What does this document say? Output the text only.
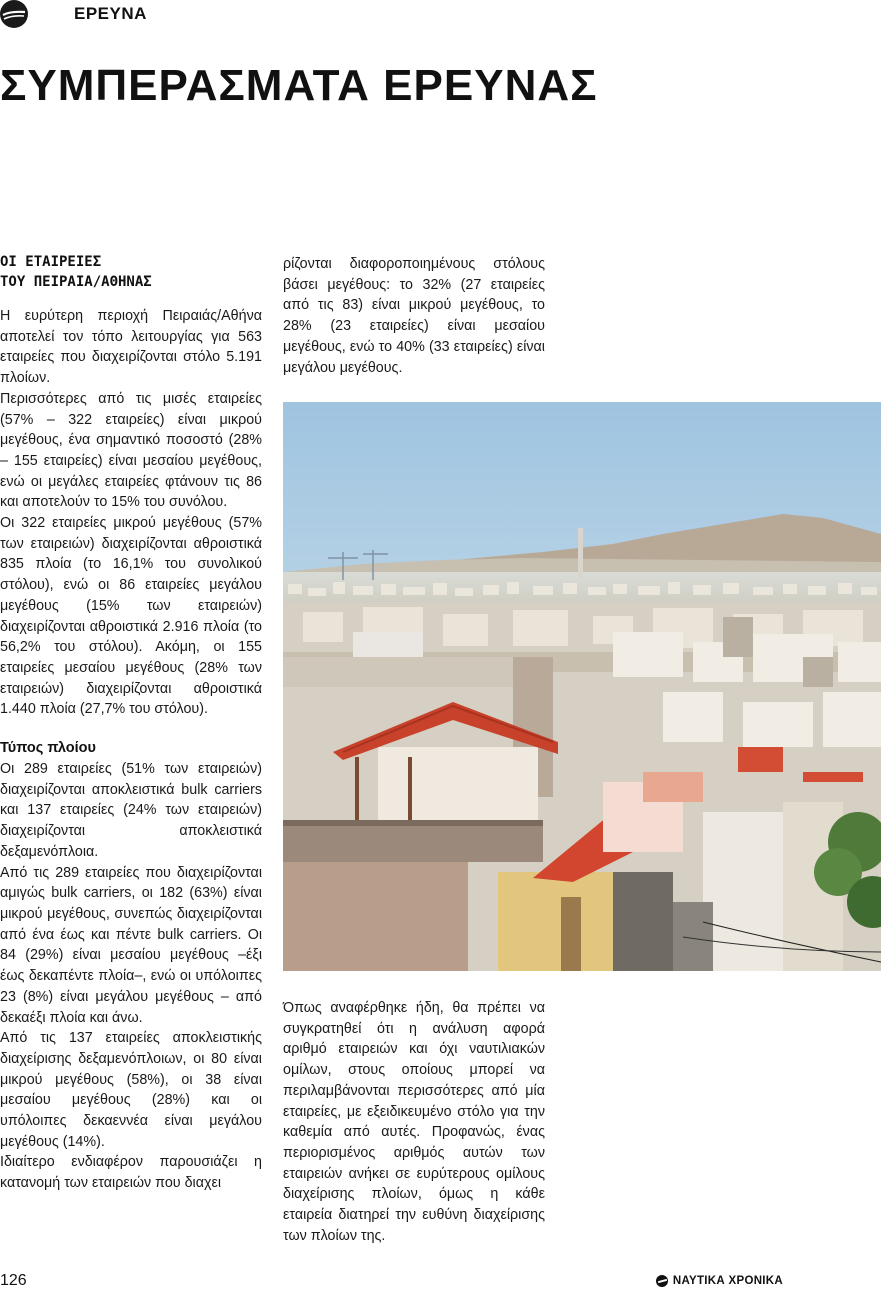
ΕΡΕΥΝΑ
ΣΥΜΠΕΡΑΣΜΑΤΑ ΕΡΕΥΝΑΣ
ΟΙ ΕΤΑΙΡΕΙΕΣ
ΤΟΥ ΠΕΙΡΑΙΑ/ΑΘΗΝΑΣ

Η ευρύτερη περιοχή Πειραιάς/Αθήνα αποτελεί τον τόπο λειτουργίας για 563 εταιρείες που διαχειρίζονται στόλο 5.191 πλοίων.

Περισσότερες από τις μισές εταιρείες (57% – 322 εταιρείες) είναι μικρού μεγέθους, ένα σημαντικό ποσοστό (28% – 155 εταιρείες) είναι μεσαίου μεγέθους, ενώ οι μεγάλες εταιρείες φτάνουν τις 86 και αποτελούν το 15% του συνόλου.

Οι 322 εταιρείες μικρού μεγέθους (57% των εταιρειών) διαχειρίζονται αθροιστικά 835 πλοία (το 16,1% του συνολικού στόλου), ενώ οι 86 εταιρείες μεγάλου μεγέθους (15% των εταιρειών) διαχειρίζονται αθροιστικά 2.916 πλοία (το 56,2% του στόλου). Ακόμη, οι 155 εταιρείες μεσαίου μεγέθους (28% των εταιρειών) διαχειρίζονται αθροιστικά 1.440 πλοία (27,7% του στόλου).

Τύπος πλοίου

Οι 289 εταιρείες (51% των εταιρειών) διαχειρίζονται αποκλειστικά bulk carriers και 137 εταιρείες (24% των εταιρειών) διαχειρίζονται αποκλειστικά δεξαμενόπλοια.

Από τις 289 εταιρείες που διαχειρίζονται αμιγώς bulk carriers, οι 182 (63%) είναι μικρού μεγέθους, συνεπώς διαχειρίζονται από ένα έως και πέντε bulk carriers. Οι 84 (29%) είναι μεσαίου μεγέθους –έξι έως δεκαπέντε πλοία–, ενώ οι υπόλοιπες 23 (8%) είναι μεγάλου μεγέθους – από δεκαέξι πλοία και άνω.

Από τις 137 εταιρείες αποκλειστικής διαχείρισης δεξαμενόπλοιων, οι 80 είναι μικρού μεγέθους (58%), οι 38 είναι μεσαίου μεγέθους (28%) και οι υπόλοιπες δεκαεννέα είναι μεγάλου μεγέθους (14%).

Ιδιαίτερο ενδιαφέρον παρουσιάζει η κατανομή των εταιρειών που διαχει

ρίζονται διαφοροποιημένους στόλους βάσει μεγέθους: το 32% (27 εταιρείες από τις 83) είναι μικρού μεγέθους, το 28% (23 εταιρείες) είναι μεσαίου μεγέθους, ενώ το 40% (33 εταιρείες) είναι μεγάλου μεγέθους.

Όπως αναφέρθηκε ήδη, θα πρέπει να συγκρατηθεί ότι η ανάλυση αφορά αριθμό εταιρειών και όχι ναυτιλιακών ομίλων, στους οποίους μπορεί να περιλαμβάνονται περισσότερες από μία εταιρείες, με εξειδικευμένο στόλο για την καθεμία από αυτές. Προφανώς, ένας περιορισμένος αριθμός αυτών των εταιρειών ανήκει σε ευρύτερους ομίλους διαχείρισης πλοίων, όμως η κάθε εταιρεία διατηρεί την ευθύνη διαχείρισης των πλοίων της.

126	ΝΑΥΤΙΚΑ ΧΡΟΝΙΚΑ
